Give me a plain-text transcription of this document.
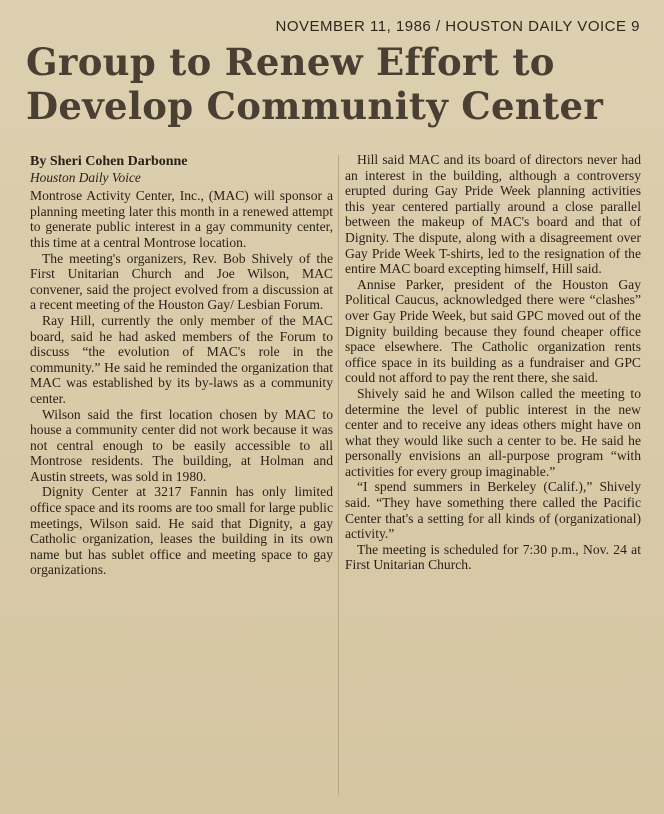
NOVEMBER 11, 1986 / HOUSTON DAILY VOICE 9
Group to Renew Effort to
Develop Community Center
By Sheri Cohen Darbonne
Houston Daily Voice

Montrose Activity Center, Inc., (MAC) will sponsor a planning meeting later this month in a renewed attempt to generate public interest in a gay community center, this time at a central Montrose location.

The meeting's organizers, Rev. Bob Shively of the First Unitarian Church and Joe Wilson, MAC convener, said the project evolved from a discussion at a recent meeting of the Houston Gay/ Lesbian Forum.

Ray Hill, currently the only member of the MAC board, said he had asked members of the Forum to discuss “the evolution of MAC's role in the community.” He said he reminded the organization that MAC was established by its by-laws as a community center.

Wilson said the first location chosen by MAC to house a community center did not work because it was not central enough to be easily accessible to all Montrose residents. The building, at Holman and Austin streets, was sold in 1980.

Dignity Center at 3217 Fannin has only limited office space and its rooms are too small for large public meetings, Wilson said. He said that Dignity, a gay Catholic organization, leases the building in its own name but has sublet office and meeting space to gay organizations.

Hill said MAC and its board of directors never had an interest in the building, although a controversy erupted during Gay Pride Week planning activities this year centered partially around a close parallel between the makeup of MAC's board and that of Dignity. The dispute, along with a disagreement over Gay Pride Week T-shirts, led to the resignation of the entire MAC board excepting himself, Hill said.

Annise Parker, president of the Houston Gay Political Caucus, acknowledged there were “clashes” over Gay Pride Week, but said GPC moved out of the Dignity building because they found cheaper office space elsewhere. The Catholic organization rents office space in its building as a fundraiser and GPC could not afford to pay the rent there, she said.

Shively said he and Wilson called the meeting to determine the level of public interest in the new center and to receive any ideas others might have on what they would like such a center to be. He said he personally envisions an all-purpose program “with activities for every group imaginable.”

“I spend summers in Berkeley (Calif.),” Shively said. “They have something there called the Pacific Center that's a setting for all kinds of (organizational) activity.”

The meeting is scheduled for 7:30 p.m., Nov. 24 at First Unitarian Church.
